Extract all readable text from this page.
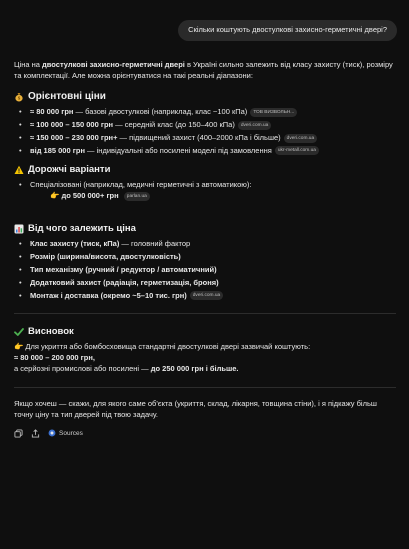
Скільки коштують двостулкові захисно-герметичні двері?

Ціна на двостулкові захисно-герметичні двері в Україні сильно залежить від класу захисту (тиск), розміру та комплектації. Але можна орієнтуватися на такі реальні діапазони:

$ Орієнтовні ціни
• ≈ 80 000 грн — базові двостулкові (наприклад, клас ~100 кПа) ТОВ ВИЗВОЛЬН...
• ≈ 100 000 – 150 000 грн — середній клас (до 150–400 кПа) dveri.com.ua
• ≈ 150 000 – 230 000 грн+ — підвищений захист (400–2000 кПа і більше) dveri.com.ua
• від 185 000 грн — індивідуальні або посилені моделі під замовлення ukr-metall.com.ua
Дорожчі варіанти
• Спеціалізовані (наприклад, медичні герметичні з автоматикою):
👉 до 500 000+ грн parlan.ua
Від чого залежить ціна
• Клас захисту (тиск, кПа) — головний фактор
• Розмір (ширина/висота, двостулковість)
• Тип механізму (ручний / редуктор / автоматичний)
• Додатковий захист (радіація, герметизація, броня)
• Монтаж і доставка (окремо ~5–10 тис. грн) dveri.com.ua
Висновок
👉 Для укриття або бомбосховища стандартні двостулкові двері зазвичай коштують:
≈ 80 000 – 200 000 грн,
а серйозні промислові або посилені — до 250 000 грн і більше.

Якщо хочеш — скажи, для якого саме об'єкта (укриття, склад, лікарня, товщина стіни), і я підкажу більш точну ціну та тип дверей під твою задачу.

Sources
